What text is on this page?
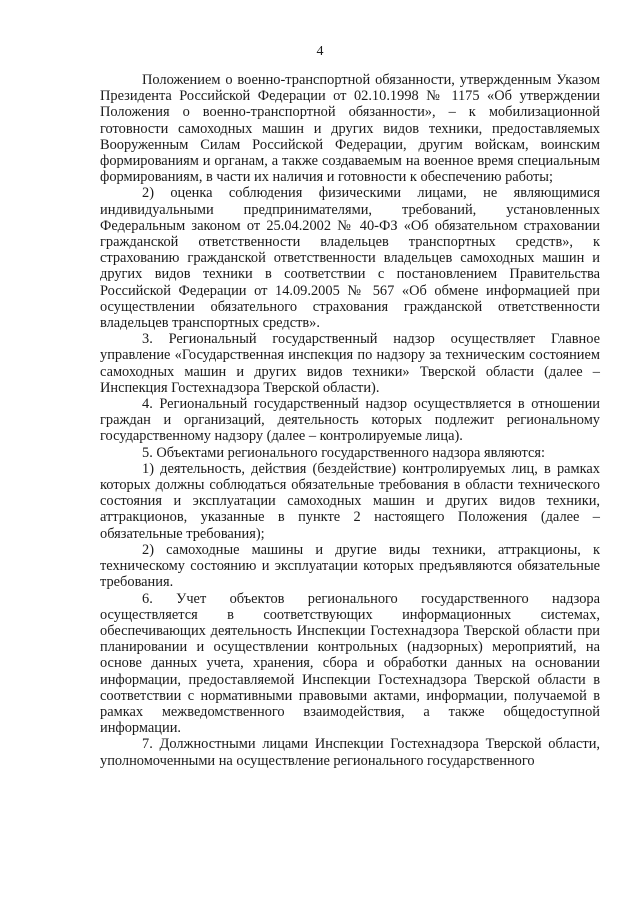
4

Положением о военно-транспортной обязанности, утвержденным Указом Президента Российской Федерации от 02.10.1998 № 1175 «Об утверждении Положения о военно-транспортной обязанности», – к мобилизационной готовности самоходных машин и других видов техники, предоставляемых Вооруженным Силам Российской Федерации, другим войскам, воинским формированиям и органам, а также создаваемым на военное время специальным формированиям, в части их наличия и готовности к обеспечению работы;

2) оценка соблюдения физическими лицами, не являющимися индивидуальными предпринимателями, требований, установленных Федеральным законом от 25.04.2002 № 40-ФЗ «Об обязательном страховании гражданской ответственности владельцев транспортных средств», к страхованию гражданской ответственности владельцев самоходных машин и других видов техники в соответствии с постановлением Правительства Российской Федерации от 14.09.2005 № 567 «Об обмене информацией при осуществлении обязательного страхования гражданской ответственности владельцев транспортных средств».

3. Региональный государственный надзор осуществляет Главное управление «Государственная инспекция по надзору за техническим состоянием самоходных машин и других видов техники» Тверской области (далее – Инспекция Гостехнадзора Тверской области).

4. Региональный государственный надзор осуществляется в отношении граждан и организаций, деятельность которых подлежит региональному государственному надзору (далее – контролируемые лица).

5. Объектами регионального государственного надзора являются:

1) деятельность, действия (бездействие) контролируемых лиц, в рамках которых должны соблюдаться обязательные требования в области технического состояния и эксплуатации самоходных машин и других видов техники, аттракционов, указанные в пункте 2 настоящего Положения (далее – обязательные требования);

2) самоходные машины и другие виды техники, аттракционы, к техническому состоянию и эксплуатации которых предъявляются обязательные требования.

6. Учет объектов регионального государственного надзора осуществляется в соответствующих информационных системах, обеспечивающих деятельность Инспекции Гостехнадзора Тверской области при планировании и осуществлении контрольных (надзорных) мероприятий, на основе данных учета, хранения, сбора и обработки данных на основании информации, предоставляемой Инспекции Гостехнадзора Тверской области в соответствии с нормативными правовыми актами, информации, получаемой в рамках межведомственного взаимодействия, а также общедоступной информации.

7. Должностными лицами Инспекции Гостехнадзора Тверской области, уполномоченными на осуществление регионального государственного
